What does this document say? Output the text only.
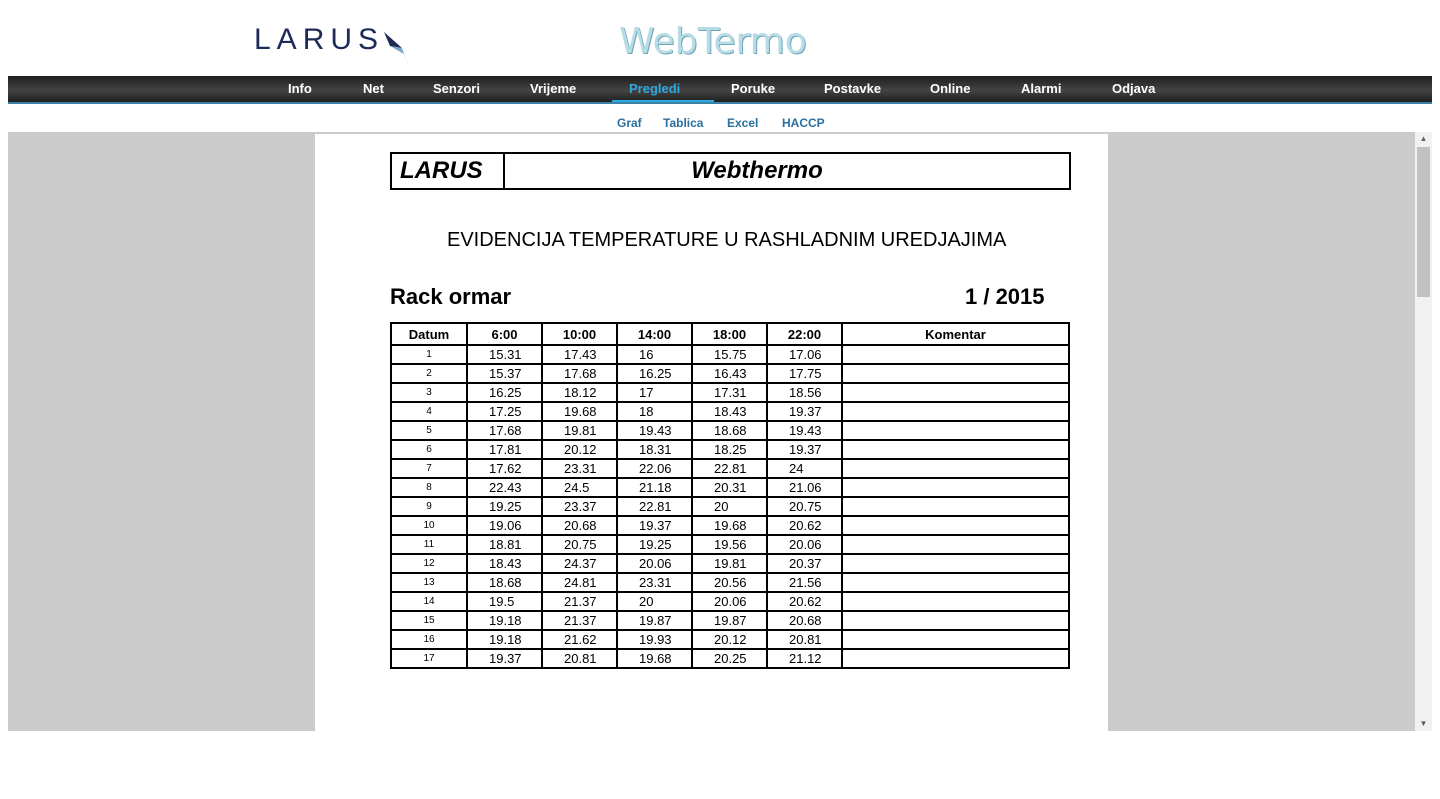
LARUS	WebTermo
Info	Net	Senzori	Vrijeme	Pregledi	Poruke	Postavke	Online	Alarmi	Odjava
Graf Tablica Excel HACCP
LARUS	Webthermo
EVIDENCIJA TEMPERATURE U RASHLADNIM UREDJAJIMA
Rack ormar	1 / 2015
Datum	6:00	10:00	14:00	18:00	22:00	Komentar
1	15.31	17.43	16	15.75	17.06	
2	15.37	17.68	16.25	16.43	17.75	
3	16.25	18.12	17	17.31	18.56	
4	17.25	19.68	18	18.43	19.37	
5	17.68	19.81	19.43	18.68	19.43	
6	17.81	20.12	18.31	18.25	19.37	
7	17.62	23.31	22.06	22.81	24	
8	22.43	24.5	21.18	20.31	21.06	
9	19.25	23.37	22.81	20	20.75	
10	19.06	20.68	19.37	19.68	20.62	
11	18.81	20.75	19.25	19.56	20.06	
12	18.43	24.37	20.06	19.81	20.37	
13	18.68	24.81	23.31	20.56	21.56	
14	19.5	21.37	20	20.06	20.62	
15	19.18	21.37	19.87	19.87	20.68	
16	19.18	21.62	19.93	20.12	20.81	
17	19.37	20.81	19.68	20.25	21.12	
▲
▼
